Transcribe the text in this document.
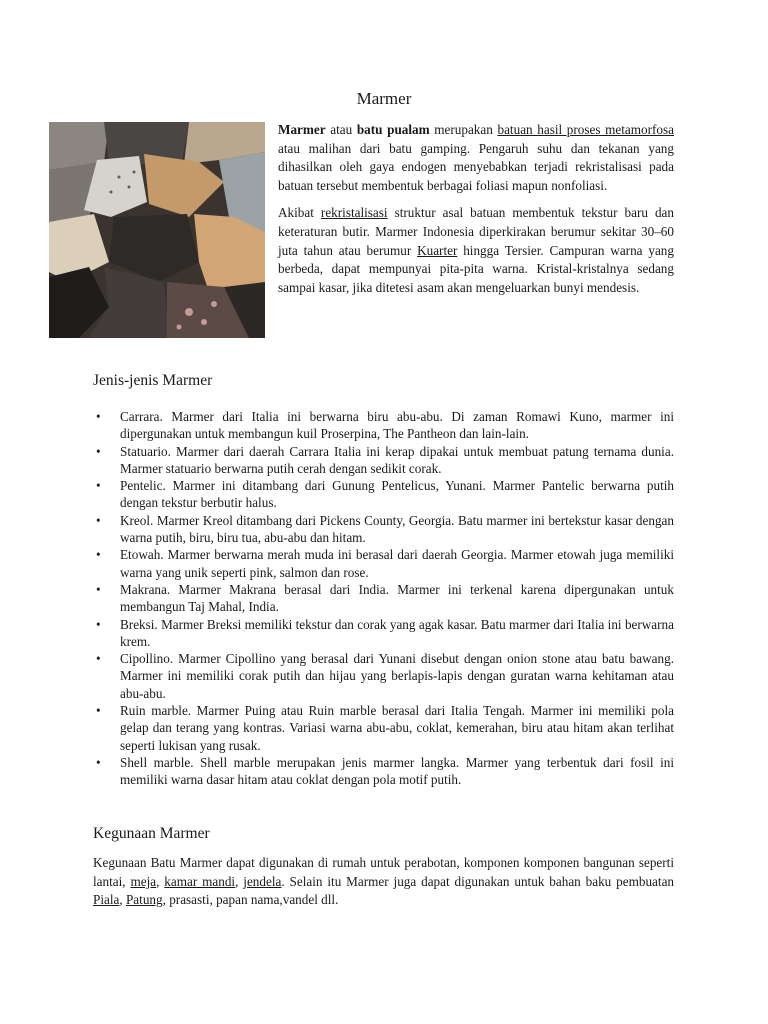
Marmer

Marmer atau batu pualam merupakan batuan hasil proses metamorfosa atau malihan dari batu gamping. Pengaruh suhu dan tekanan yang dihasilkan oleh gaya endogen menyebabkan terjadi rekristalisasi pada batuan tersebut membentuk berbagai foliasi mapun nonfoliasi.

Akibat rekristalisasi struktur asal batuan membentuk tekstur baru dan keteraturan butir. Marmer Indonesia diperkirakan berumur sekitar 30–60 juta tahun atau berumur Kuarter hingga Tersier. Campuran warna yang berbeda, dapat mempunyai pita-pita warna. Kristal-kristalnya sedang sampai kasar, jika ditetesi asam akan mengeluarkan bunyi mendesis.

Jenis-jenis Marmer
• Carrara. Marmer dari Italia ini berwarna biru abu-abu. Di zaman Romawi Kuno, marmer ini dipergunakan untuk membangun kuil Proserpina, The Pantheon dan lain-lain.
• Statuario. Marmer dari daerah Carrara Italia ini kerap dipakai untuk membuat patung ternama dunia. Marmer statuario berwarna putih cerah dengan sedikit corak.
• Pentelic. Marmer ini ditambang dari Gunung Pentelicus, Yunani. Marmer Pantelic berwarna putih dengan tekstur berbutir halus.
• Kreol. Marmer Kreol ditambang dari Pickens County, Georgia. Batu marmer ini bertekstur kasar dengan warna putih, biru, biru tua, abu-abu dan hitam.
• Etowah. Marmer berwarna merah muda ini berasal dari daerah Georgia. Marmer etowah juga memiliki warna yang unik seperti pink, salmon dan rose.
• Makrana. Marmer Makrana berasal dari India. Marmer ini terkenal karena dipergunakan untuk membangun Taj Mahal, India.
• Breksi. Marmer Breksi memiliki tekstur dan corak yang agak kasar. Batu marmer dari Italia ini berwarna krem.
• Cipollino. Marmer Cipollino yang berasal dari Yunani disebut dengan onion stone atau batu bawang. Marmer ini memiliki corak putih dan hijau yang berlapis-lapis dengan guratan warna kehitaman atau abu-abu.
• Ruin marble. Marmer Puing atau Ruin marble berasal dari Italia Tengah. Marmer ini memiliki pola gelap dan terang yang kontras. Variasi warna abu-abu, coklat, kemerahan, biru atau hitam akan terlihat seperti lukisan yang rusak.
• Shell marble. Shell marble merupakan jenis marmer langka. Marmer yang terbentuk dari fosil ini memiliki warna dasar hitam atau coklat dengan pola motif putih.
Kegunaan Marmer

Kegunaan Batu Marmer dapat digunakan di rumah untuk perabotan, komponen komponen bangunan seperti lantai, meja, kamar mandi, jendela. Selain itu Marmer juga dapat digunakan untuk bahan baku pembuatan Piala, Patung, prasasti, papan nama,vandel dll.
